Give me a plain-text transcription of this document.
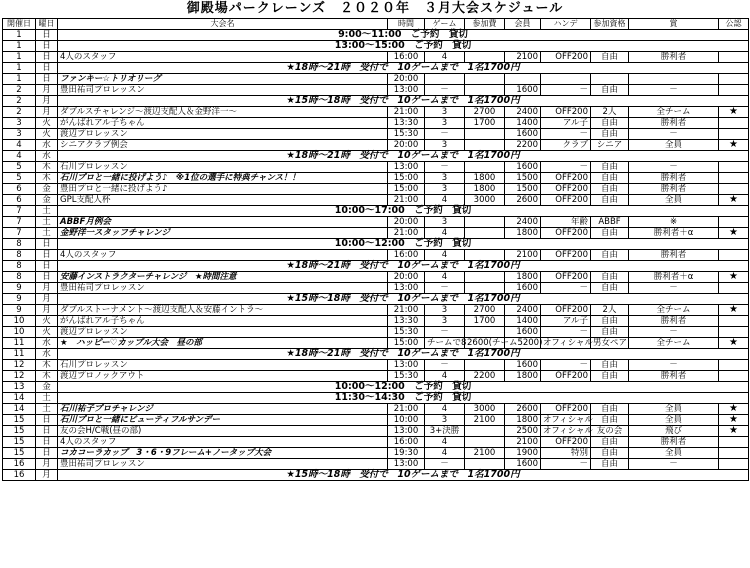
御殿場パークレーンズ　２０２０年　３月大会スケジュール
開催日	曜日	大会名	時間	ゲーム	参加費	会員	ハンデ	参加資格	賞	公認
1	日	9:00～11:00　ご予約　貸切								
1	日	13:00～15:00　ご予約　貸切								
1	日	4人のスタッフ	16:00	4		2100	OFF200	自由	勝利者	
1	日	★18時～21時　受付で　10ゲームまで　1名1700円								
1	日	ファンキー☆トリオリーグ	20:00							
2	月	豊田祐司プロレッスン	13:00	－		1600	－	自由	－	
2	月	★15時～18時　受付で　10ゲームまで　1名1700円								
2	月	ダブルスチャレンジ～渡辺支配人＆金野洋一～	21:00	3	2700	2400	OFF200	2人	全チーム	★
3	火	がんばれアル子ちゃん	13:30	3	1700	1400	アル子	自由	勝利者	
3	火	渡辺プロレッスン	15:30	－		1600	－	自由	－	
4	水	シニアクラブ例会	20:00	3		2200	クラブ	シニア	全員	★
4	水	★18時～21時　受付で　10ゲームまで　1名1700円								
5	木	石川プロレッスン	13:00	－		1600	－	自由	－	
5	木	石川プロと一緒に投げよう♪　※1位の選手に特典チャンス！！	15:00	3	1800	1500	OFF200	自由	勝利者	
6	金	豊田プロと一緒に投げよう♪	15:00	3	1800	1500	OFF200	自由	勝利者	
6	金	GPL支配人杯	21:00	4	3000	2600	OFF200	自由	全員	★
7	土	10:00～17:00　ご予約　貸切								
7	土	ABBF月例会	20:00	3		2400	年齢	ABBF	※	
7	土	金野洋一スタッフチャレンジ	21:00	4		1800	OFF200	自由	勝利者＋α	★
8	日	10:00～12:00　ご予約　貸切								
8	日	4人のスタッフ	16:00	4		2100	OFF200	自由	勝利者	
8	日	★18時～21時　受付で　10ゲームまで　1名1700円								
8	日	安藤インストラクターチャレンジ　★時間注意	20:00	4		1800	OFF200	自由	勝利者＋α	★
9	月	豊田祐司プロレッスン	13:00	－		1600	－	自由	－	
9	月	★15時～18時　受付で　10ゲームまで　1名1700円								
9	月	ダブルストーナメント～渡辺支配人＆安藤イントラ～	21:00	3	2700	2400	OFF200	2人	全チーム	★
10	火	がんばれアル子ちゃん	13:30	3	1700	1400	アル子	自由	勝利者	
10	火	渡辺プロレッスン	15:30	－		1600	－	自由	－	
11	水	★　ハッピー♡カップル大会　昼の部	15:00	チームで8	2600(チーム5200)		オフィシャル	男女ペア	全チーム	★
11	水	★18時～21時　受付で　10ゲームまで　1名1700円								
12	木	石川プロレッスン	13:00	－		1600	－	自由	－	
12	木	渡辺プロノックアウト	15:30	4	2200	1800	OFF200	自由	勝利者	
13	金	10:00～12:00　ご予約　貸切								
14	土	11:30～14:30　ご予約　貸切								
14	土	石川祐子プロチャレンジ	21:00	4	3000	2600	OFF200	自由	全員	★
15	日	石川プロと一緒にビューティフルサンデー	10:00	3	2100	1800	オフィシャル	自由	全員	★
15	日	友の会H/C戦(昼の部)	13:00	3+決勝		2500	オフィシャル	友の会	飛び	★
15	日	4人のスタッフ	16:00	4		2100	OFF200	自由	勝利者	
15	日	コカコーラカップ　3・6・9フレーム+ノータップ大会	19:30	4	2100	1900	特別	自由	全員	
16	月	豊田祐司プロレッスン	13:00	－		1600	－	自由	－	
16	月	★15時～18時　受付で　10ゲームまで　1名1700円								
